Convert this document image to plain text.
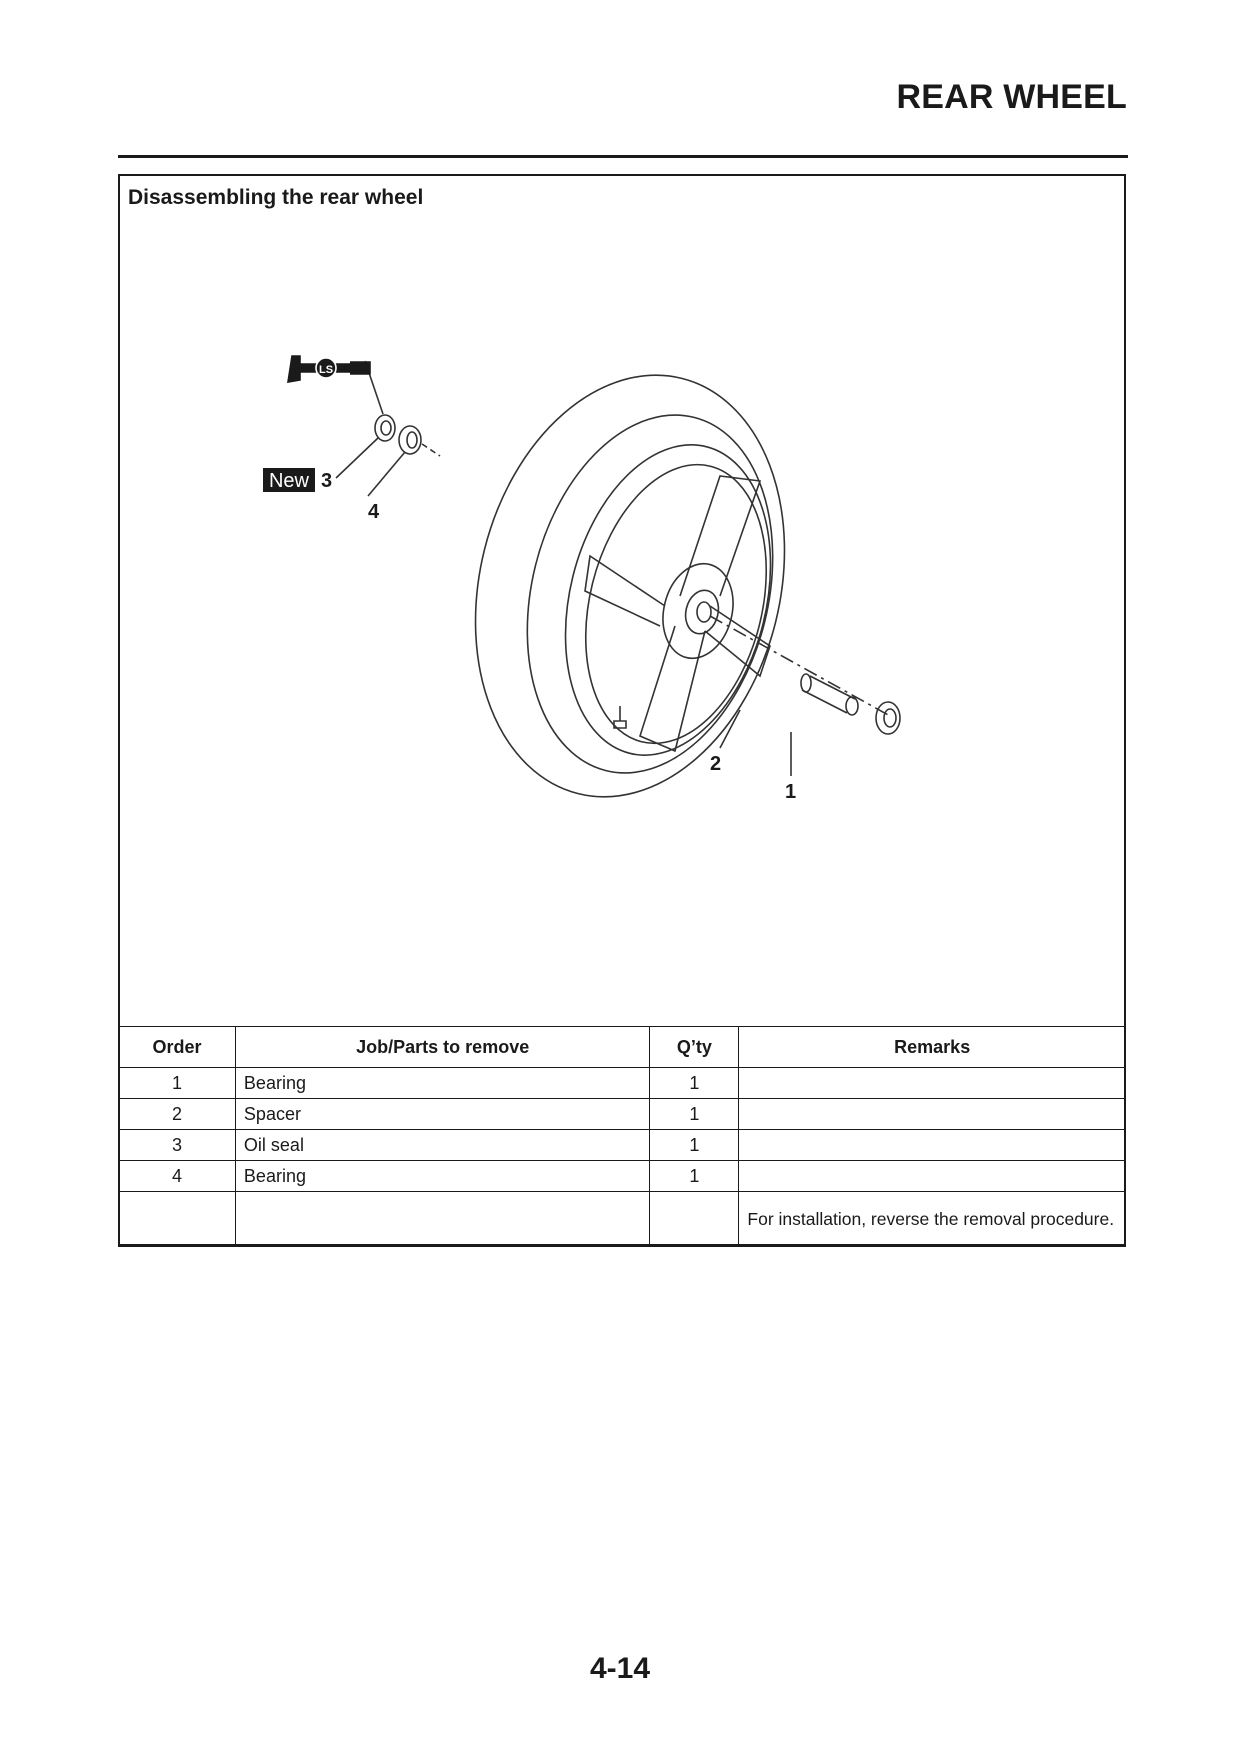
REAR WHEEL
Disassembling the rear wheel
LS
New 3
4
2
1
Order	Job/Parts to remove	Q’ty	Remarks
1	Bearing	1	
2	Spacer	1	
3	Oil seal	1	
4	Bearing	1	
			For installation, reverse the removal procedure.
4-14
